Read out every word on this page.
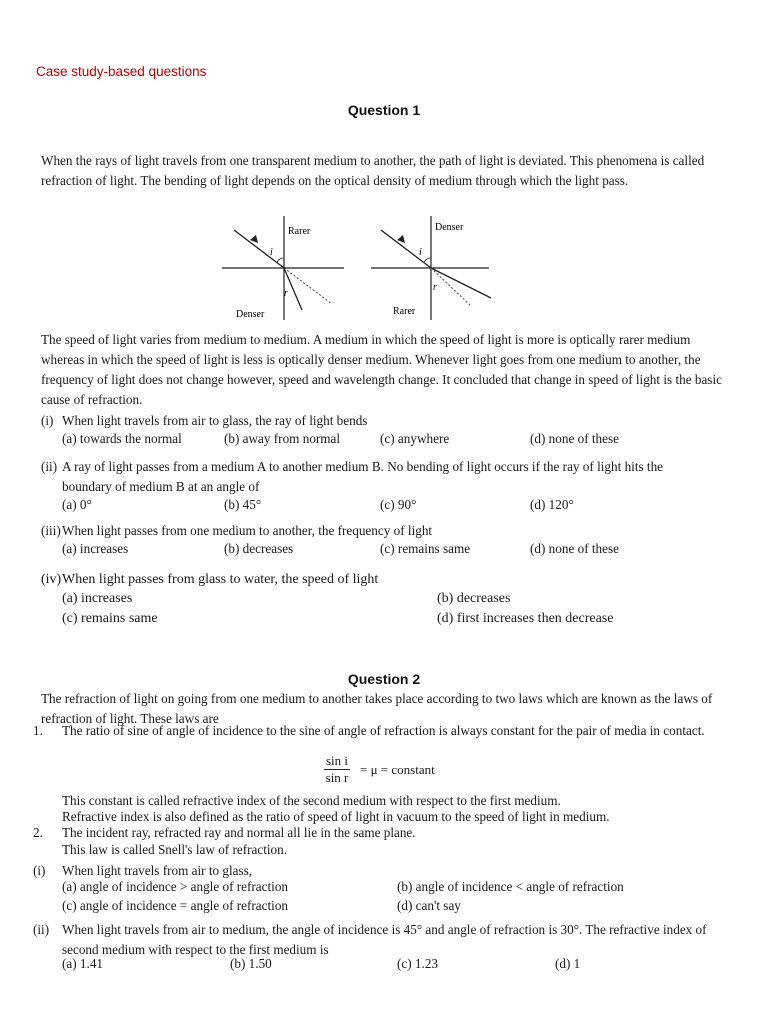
Case study-based questions
Question 1

When the rays of light travels from one transparent medium to another, the path of light is deviated. This phenomena is called refraction of light. The bending of light depends on the optical density of medium through which the light pass.

i
r
Rarer
Denser
i
r
Denser
Rarer

The speed of light varies from medium to medium. A medium in which the speed of light is more is optically rarer medium whereas in which the speed of light is less is optically denser medium. Whenever light goes from one medium to another, the frequency of light does not change however, speed and wavelength change. It concluded that change in speed of light is the basic cause of refraction.

(i) When light travels from air to glass, the ray of light bends
(a) towards the normal	(b) away from normal	(c) anywhere	(d) none of these
(ii) A ray of light passes from a medium A to another medium B. No bending of light occurs if the ray of light hits the boundary of medium B at an angle of
(a) 0°	(b) 45°	(c) 90°	(d) 120°
(iii) When light passes from one medium to another, the frequency of light
(a) increases	(b) decreases	(c) remains same	(d) none of these
(iv) When light passes from glass to water, the speed of light
(a) increases	(b) decreases
(c) remains same	(d) first increases then decrease
Question 2

The refraction of light on going from one medium to another takes place according to two laws which are known as the laws of refraction of light. These laws are

1. The ratio of sine of angle of incidence to the sine of angle of refraction is always constant for the pair of media in contact.
$\frac{\text{sin i}}{\text{sin r}} = \mu$ = constant
This constant is called refractive index of the second medium with respect to the first medium.
Refractive index is also defined as the ratio of speed of light in vacuum to the speed of light in medium.
2. The incident ray, refracted ray and normal all lie in the same plane.
This law is called Snell's law of refraction.
(i) When light travels from air to glass,
(a) angle of incidence > angle of refraction	(b) angle of incidence < angle of refraction
(c) angle of incidence = angle of refraction	(d) can't say
(ii) When light travels from air to medium, the angle of incidence is 45° and angle of refraction is 30°. The refractive index of second medium with respect to the first medium is
(a) 1.41	(b) 1.50	(c) 1.23	(d) 1
